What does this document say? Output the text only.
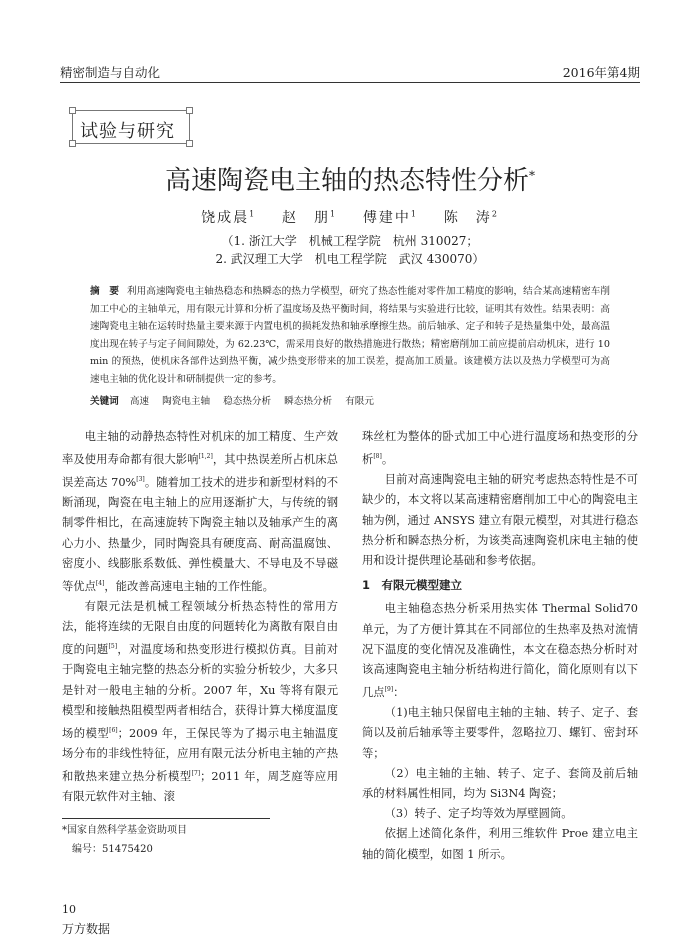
精密制造与自动化	2016年第4期
试验与研究
高速陶瓷电主轴的热态特性分析*
饶成晨$^1$ 赵　朋$^1$ 傅建中$^1$ 陈　涛$^2$
（1. 浙江大学　机械工程学院　杭州 310027；
2. 武汉理工大学　机电工程学院　武汉 430070）
摘　要 利用高速陶瓷电主轴热稳态和热瞬态的热力学模型，研究了热态性能对零件加工精度的影响，结合某高速精密车削加工中心的主轴单元，用有限元计算和分析了温度场及热平衡时间，将结果与实验进行比较，证明其有效性。结果表明：高速陶瓷电主轴在运转时热量主要来源于内置电机的损耗发热和轴承摩擦生热。前后轴承、定子和转子是热量集中处，最高温度出现在转子与定子间间隙处，为 62.23℃，需采用良好的散热措施进行散热；精密磨削加工前应提前启动机床，进行 10 min 的预热，使机床各部件达到热平衡，减少热变形带来的加工误差，提高加工质量。该建模方法以及热力学模型可为高速电主轴的优化设计和研制提供一定的参考。
关键词 高速 陶瓷电主轴 稳态热分析 瞬态热分析 有限元

电主轴的动静热态特性对机床的加工精度、生产效率及使用寿命都有很大影响[1,2]，其中热误差所占机床总误差高达 70%[3]。随着加工技术的进步和新型材料的不断涌现，陶瓷在电主轴上的应用逐渐扩大，与传统的钢制零件相比，在高速旋转下陶瓷主轴以及轴承产生的离心力小、热量少，同时陶瓷具有硬度高、耐高温腐蚀、密度小、线膨胀系数低、弹性模量大、不导电及不导磁等优点[4]，能改善高速电主轴的工作性能。

有限元法是机械工程领域分析热态特性的常用方法，能将连续的无限自由度的问题转化为离散有限自由度的问题[5]，对温度场和热变形进行模拟仿真。目前对于陶瓷电主轴完整的热态分析的实验分析较少，大多只是针对一般电主轴的分析。2007 年，Xu 等将有限元模型和接触热阻模型两者相结合，获得计算大梯度温度场的模型[6]；2009 年，王保民等为了揭示电主轴温度场分布的非线性特征，应用有限元法分析电主轴的产热和散热来建立热分析模型[7]；2011 年，周芝庭等应用有限元软件对主轴、滚

珠丝杠为整体的卧式加工中心进行温度场和热变形的分析[8]。

目前对高速陶瓷电主轴的研究考虑热态特性是不可缺少的，本文将以某高速精密磨削加工中心的陶瓷电主轴为例，通过 ANSYS 建立有限元模型，对其进行稳态热分析和瞬态热分析，为该类高速陶瓷机床电主轴的使用和设计提供理论基础和参考依据。

1　有限元模型建立

电主轴稳态热分析采用热实体 Thermal Solid70 单元，为了方便计算其在不同部位的生热率及热对流情况下温度的变化情况及准确性，本文在稳态热分析时对该高速陶瓷电主轴分析结构进行简化，简化原则有以下几点[9]：

（1)电主轴只保留电主轴的主轴、转子、定子、套筒以及前后轴承等主要零件，忽略拉刀、螺钉、密封环等；

（2）电主轴的主轴、转子、定子、套筒及前后轴承的材料属性相同，均为 Si3N4 陶瓷；

（3）转子、定子均等效为厚壁圆筒。

依据上述简化条件，利用三维软件 Proe 建立电主轴的简化模型，如图 1 所示。

*国家自然科学基金资助项目
编号：51475420
10
万方数据
